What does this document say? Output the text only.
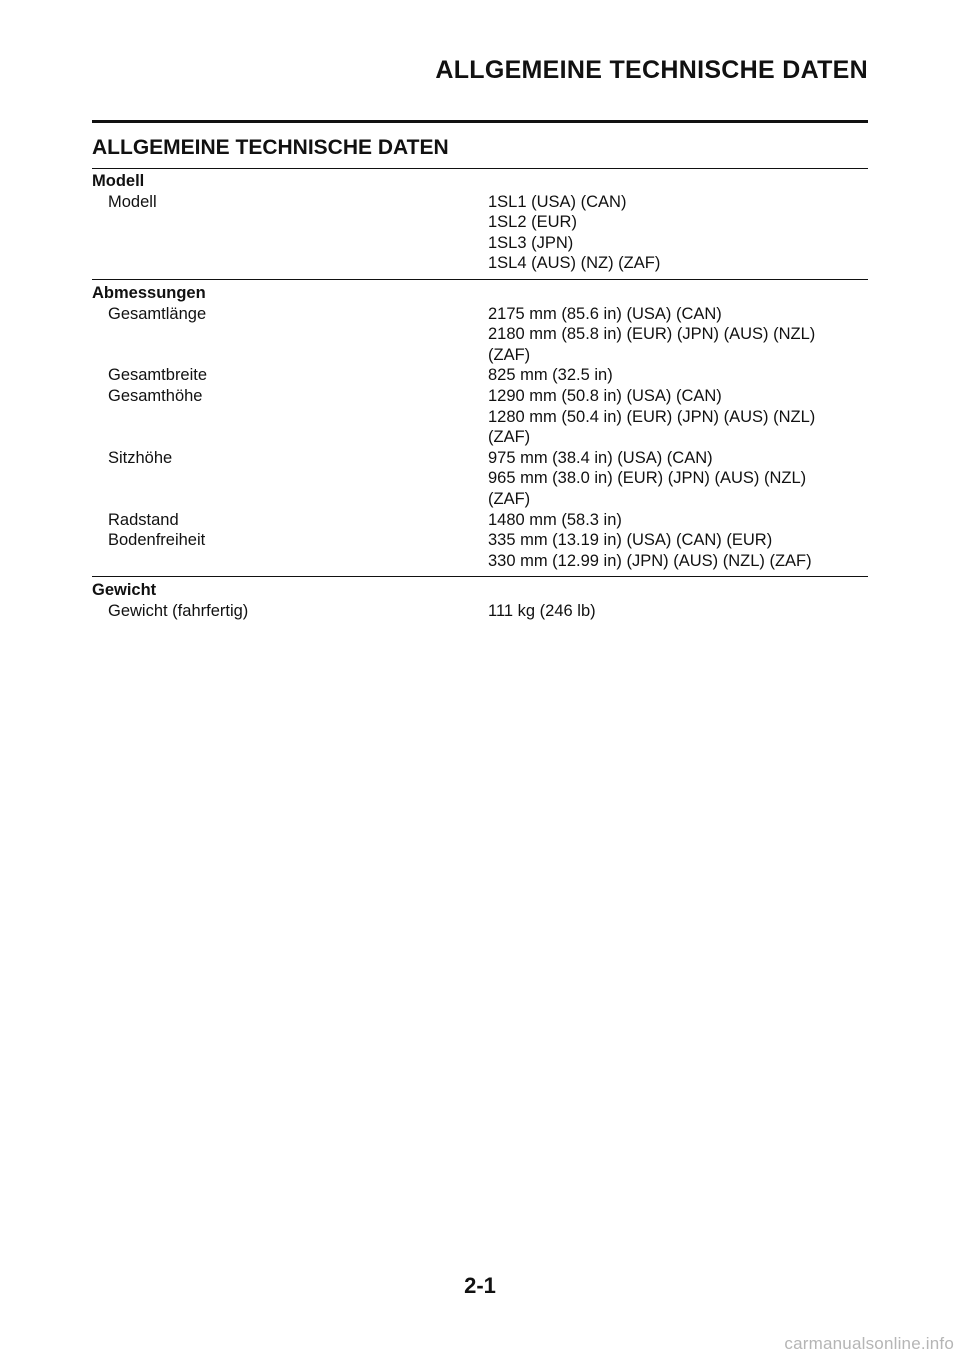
ALLGEMEINE TECHNISCHE DATEN
ALLGEMEINE TECHNISCHE DATEN
Modell
Modell	1SL1 (USA) (CAN)
1SL2 (EUR)
1SL3 (JPN)
1SL4 (AUS) (NZ) (ZAF)
Abmessungen
Gesamtlänge	2175 mm (85.6 in) (USA) (CAN)
2180 mm (85.8 in) (EUR) (JPN) (AUS) (NZL)
(ZAF)
Gesamtbreite	825 mm (32.5 in)
Gesamthöhe	1290 mm (50.8 in) (USA) (CAN)
1280 mm (50.4 in) (EUR) (JPN) (AUS) (NZL)
(ZAF)
Sitzhöhe	975 mm (38.4 in) (USA) (CAN)
965 mm (38.0 in) (EUR) (JPN) (AUS) (NZL)
(ZAF)
Radstand	1480 mm (58.3 in)
Bodenfreiheit	335 mm (13.19 in) (USA) (CAN) (EUR)
330 mm (12.99 in) (JPN) (AUS) (NZL) (ZAF)
Gewicht
Gewicht (fahrfertig)	111 kg (246 lb)
2-1
carmanualsonline.info
